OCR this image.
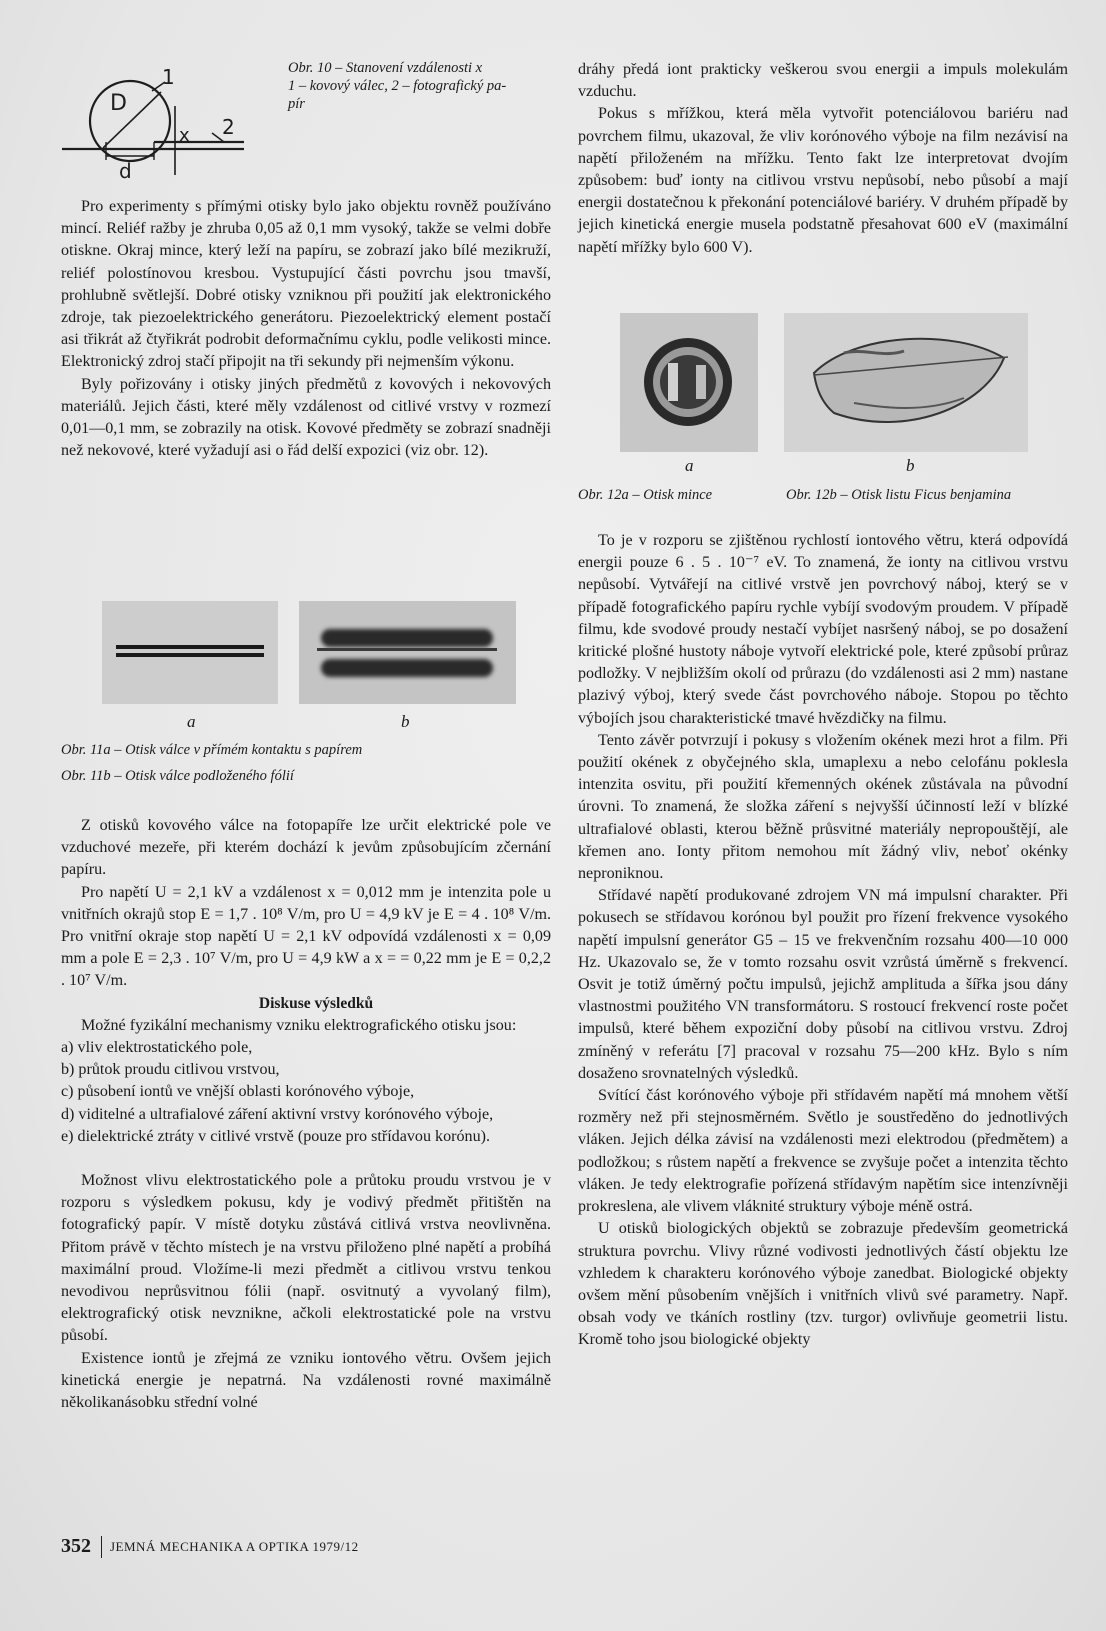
D
1
x 2
d
Obr. 10 – Stanovení vzdálenosti x
1 – kovový válec, 2 – fotografický pa-
pír

Pro experimenty s přímými otisky bylo jako objektu rovněž používáno mincí. Reliéf ražby je zhruba 0,05 až 0,1 mm vysoký, takže se velmi dobře otiskne. Okraj mince, který leží na papíru, se zobrazí jako bílé mezikruží, reliéf polostínovou kresbou. Vystupující části povrchu jsou tmavší, prohlubně světlejší. Dobré otisky vzniknou při použití jak elektronického zdroje, tak piezoelektrického generátoru. Piezoelektrický element postačí asi třikrát až čtyřikrát podrobit deformačnímu cyklu, podle velikosti mince. Elektronický zdroj stačí připojit na tři sekundy při nejmenším výkonu.

Byly pořizovány i otisky jiných předmětů z kovových i nekovových materiálů. Jejich části, které měly vzdálenost od citlivé vrstvy v rozmezí 0,01—0,1 mm, se zobrazily na otisk. Kovové předměty se zobrazí snadněji než nekovové, které vyžadují asi o řád delší expozici (viz obr. 12).

a	b
Obr. 11a – Otisk válce v přímém kontaktu s papírem
Obr. 11b – Otisk válce podloženého fólií

Z otisků kovového válce na fotopapíře lze určit elektrické pole ve vzduchové mezeře, při kterém dochází k jevům způsobujícím zčernání papíru.

Pro napětí U = 2,1 kV a vzdálenost x = 0,012 mm je intenzita pole u vnitřních okrajů stop E = 1,7 . 10⁸ V/m, pro U = 4,9 kV je E = 4 . 10⁸ V/m. Pro vnitřní okraje stop napětí U = 2,1 kV odpovídá vzdálenosti x = 0,09 mm a pole E = 2,3 . 10⁷ V/m, pro U = 4,9 kW a x = = 0,22 mm je E = 0,2,2 . 10⁷ V/m.

Diskuse výsledků

Možné fyzikální mechanismy vzniku elektrografického otisku jsou:

a) vliv elektrostatického pole,
b) průtok proudu citlivou vrstvou,
c) působení iontů ve vnější oblasti korónového výboje,
d) viditelné a ultrafialové záření aktivní vrstvy korónového výboje,
e) dielektrické ztráty v citlivé vrstvě (pouze pro střídavou korónu).

Možnost vlivu elektrostatického pole a průtoku proudu vrstvou je v rozporu s výsledkem pokusu, kdy je vodivý předmět přitištěn na fotografický papír. V místě dotyku zůstává citlivá vrstva neovlivněna. Přitom právě v těchto místech je na vrstvu přiloženo plné napětí a probíhá maximální proud. Vložíme-li mezi předmět a citlivou vrstvu tenkou nevodivou neprůsvitnou fólii (např. osvitnutý a vyvolaný film), elektrografický otisk nevznikne, ačkoli elektrostatické pole na vrstvu působí.

Existence iontů je zřejmá ze vzniku iontového větru. Ovšem jejich kinetická energie je nepatrná. Na vzdálenosti rovné maximálně několikanásobku střední volné

dráhy předá iont prakticky veškerou svou energii a impuls molekulám vzduchu.

Pokus s mřížkou, která měla vytvořit potenciálovou bariéru nad povrchem filmu, ukazoval, že vliv korónového výboje na film nezávisí na napětí přiloženém na mřížku. Tento fakt lze interpretovat dvojím způsobem: buď ionty na citlivou vrstvu nepůsobí, nebo působí a mají energii dostatečnou k překonání potenciálové bariéry. V druhém případě by jejich kinetická energie musela podstatně přesahovat 600 eV (maximální napětí mřížky bylo 600 V).

a	b
Obr. 12a – Otisk mince	Obr. 12b – Otisk listu Ficus benjamina

To je v rozporu se zjištěnou rychlostí iontového větru, která odpovídá energii pouze 6 . 5 . 10⁻⁷ eV. To znamená, že ionty na citlivou vrstvu nepůsobí. Vytvářejí na citlivé vrstvě jen povrchový náboj, který se v případě fotografického papíru rychle vybíjí svodovým proudem. V případě filmu, kde svodové proudy nestačí vybíjet nasršený náboj, se po dosažení kritické plošné hustoty náboje vytvoří elektrické pole, které způsobí průraz podložky. V nejbližším okolí od průrazu (do vzdálenosti asi 2 mm) nastane plazivý výboj, který svede část povrchového náboje. Stopou po těchto výbojích jsou charakteristické tmavé hvězdičky na filmu.

Tento závěr potvrzují i pokusy s vložením okének mezi hrot a film. Při použití okének z obyčejného skla, umaplexu a nebo celofánu poklesla intenzita osvitu, při použití křemenných okének zůstávala na původní úrovni. To znamená, že složka záření s nejvyšší účinností leží v blízké ultrafialové oblasti, kterou běžně průsvitné materiály nepropouštějí, ale křemen ano. Ionty přitom nemohou mít žádný vliv, neboť okénky neproniknou.

Střídavé napětí produkované zdrojem VN má impulsní charakter. Při pokusech se střídavou korónou byl použit pro řízení frekvence vysokého napětí impulsní generátor G5 – 15 ve frekvenčním rozsahu 400—10 000 Hz. Ukazovalo se, že v tomto rozsahu osvit vzrůstá úměrně s frekvencí. Osvit je totiž úměrný počtu impulsů, jejichž amplituda a šířka jsou dány vlastnostmi použitého VN transformátoru. S rostoucí frekvencí roste počet impulsů, které během expoziční doby působí na citlivou vrstvu. Zdroj zmíněný v referátu [7] pracoval v rozsahu 75—200 kHz. Bylo s ním dosaženo srovnatelných výsledků.

Svítící část korónového výboje při střídavém napětí má mnohem větší rozměry než při stejnosměrném. Světlo je soustředěno do jednotlivých vláken. Jejich délka závisí na vzdálenosti mezi elektrodou (předmětem) a podložkou; s růstem napětí a frekvence se zvyšuje počet a intenzita těchto vláken. Je tedy elektrografie pořízená střídavým napětím sice intenzívněji prokreslena, ale vlivem vláknité struktury výboje méně ostrá.

U otisků biologických objektů se zobrazuje především geometrická struktura povrchu. Vlivy různé vodivosti jednotlivých částí objektu lze vzhledem k charakteru korónového výboje zanedbat. Biologické objekty ovšem mění působením vnějších i vnitřních vlivů své parametry. Např. obsah vody ve tkáních rostliny (tzv. turgor) ovlivňuje geometrii listu. Kromě toho jsou biologické objekty

352 JEMNÁ MECHANIKA A OPTIKA 1979/12
